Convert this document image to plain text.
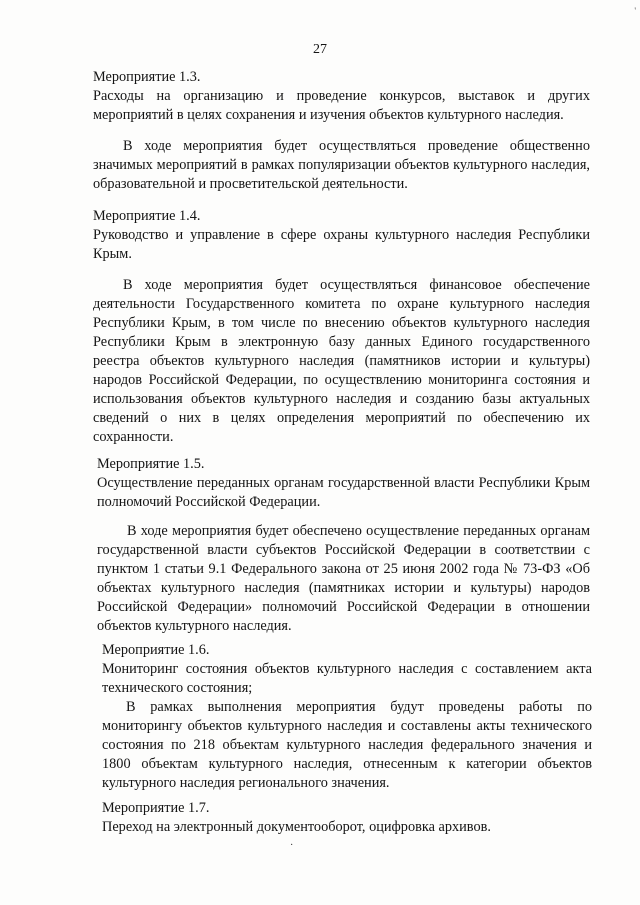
'
27

Мероприятие 1.3.

Расходы на организацию и проведение конкурсов, выставок и других мероприятий в целях сохранения и изучения объектов культурного наследия.

В ходе мероприятия будет осуществляться проведение общественно значимых мероприятий в рамках популяризации объектов культурного наследия, образовательной и просветительской деятельности.

Мероприятие 1.4.

Руководство и управление в сфере охраны культурного наследия Республики Крым.

В ходе мероприятия будет осуществляться финансовое обеспечение деятельности Государственного комитета по охране культурного наследия Республики Крым, в том числе по внесению объектов культурного наследия Республики Крым в электронную базу данных Единого государственного реестра объектов культурного наследия (памятников истории и культуры) народов Российской Федерации, по осуществлению мониторинга состояния и использования объектов культурного наследия и созданию базы актуальных сведений о них в целях определения мероприятий по обеспечению их сохранности.

Мероприятие 1.5.

Осуществление переданных органам государственной власти Республики Крым полномочий Российской Федерации.

В ходе мероприятия будет обеспечено осуществление переданных органам государственной власти субъектов Российской Федерации в соответствии с пунктом 1 статьи 9.1 Федерального закона от 25 июня 2002 года № 73-ФЗ «Об объектах культурного наследия (памятниках истории и культуры) народов Российской Федерации» полномочий Российской Федерации в отношении объектов культурного наследия.

Мероприятие 1.6.

Мониторинг состояния объектов культурного наследия с составлением акта технического состояния;

В рамках выполнения мероприятия будут проведены работы по мониторингу объектов культурного наследия и составлены акты технического состояния по 218 объектам культурного наследия федерального значения и 1800 объектам культурного наследия, отнесенным к категории объектов культурного наследия регионального значения.

Мероприятие 1.7.

Переход на электронный документооборот, оцифровка архивов.

·
